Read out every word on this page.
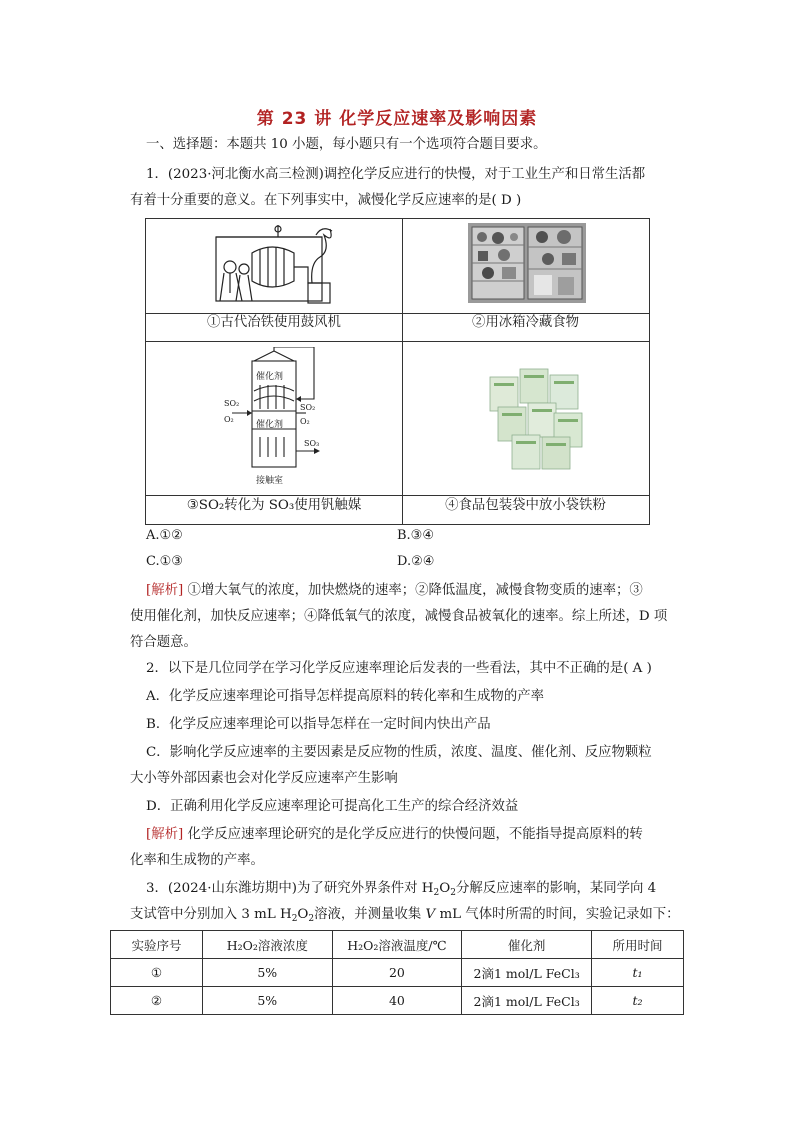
第 23 讲 化学反应速率及影响因素
一、选择题：本题共 10 小题，每小题只有一个选项符合题目要求。
1．(2023·河北衡水高三检测)调控化学反应进行的快慢，对于工业生产和日常生活都
有着十分重要的意义。在下列事实中，减慢化学反应速率的是( D )
①古代冶铁使用鼓风机	②用冰箱冷藏食物
催化剂
催化剂
SO₂
O₂
SO₂
O₂
SO₃
接触室
③SO₂转化为 SO₃使用钒触媒	④食品包装袋中放小袋铁粉
A.①②	B.③④
C.①③	D.②④
[解析] ①增大氧气的浓度，加快燃烧的速率；②降低温度，减慢食物变质的速率；③
使用催化剂，加快反应速率；④降低氧气的浓度，减慢食品被氧化的速率。综上所述，D 项
符合题意。
2．以下是几位同学在学习化学反应速率理论后发表的一些看法，其中不正确的是( A )
A．化学反应速率理论可指导怎样提高原料的转化率和生成物的产率
B．化学反应速率理论可以指导怎样在一定时间内快出产品
C．影响化学反应速率的主要因素是反应物的性质，浓度、温度、催化剂、反应物颗粒
大小等外部因素也会对化学反应速率产生影响
D．正确利用化学反应速率理论可提高化工生产的综合经济效益
[解析] 化学反应速率理论研究的是化学反应进行的快慢问题，不能指导提高原料的转
化率和生成物的产率。
3．(2024·山东潍坊期中)为了研究外界条件对 $H_2O_2$分解反应速率的影响，某同学向 4
支试管中分别加入 3 mL $H_2O_2$溶液，并测量收集 V mL 气体时所需的时间，实验记录如下：
实验序号	H₂O₂溶液浓度	H₂O₂溶液温度/℃	催化剂	所用时间
①	5%	20	2滴1 mol/L FeCl₃	t₁
②	5%	40	2滴1 mol/L FeCl₃	t₂
